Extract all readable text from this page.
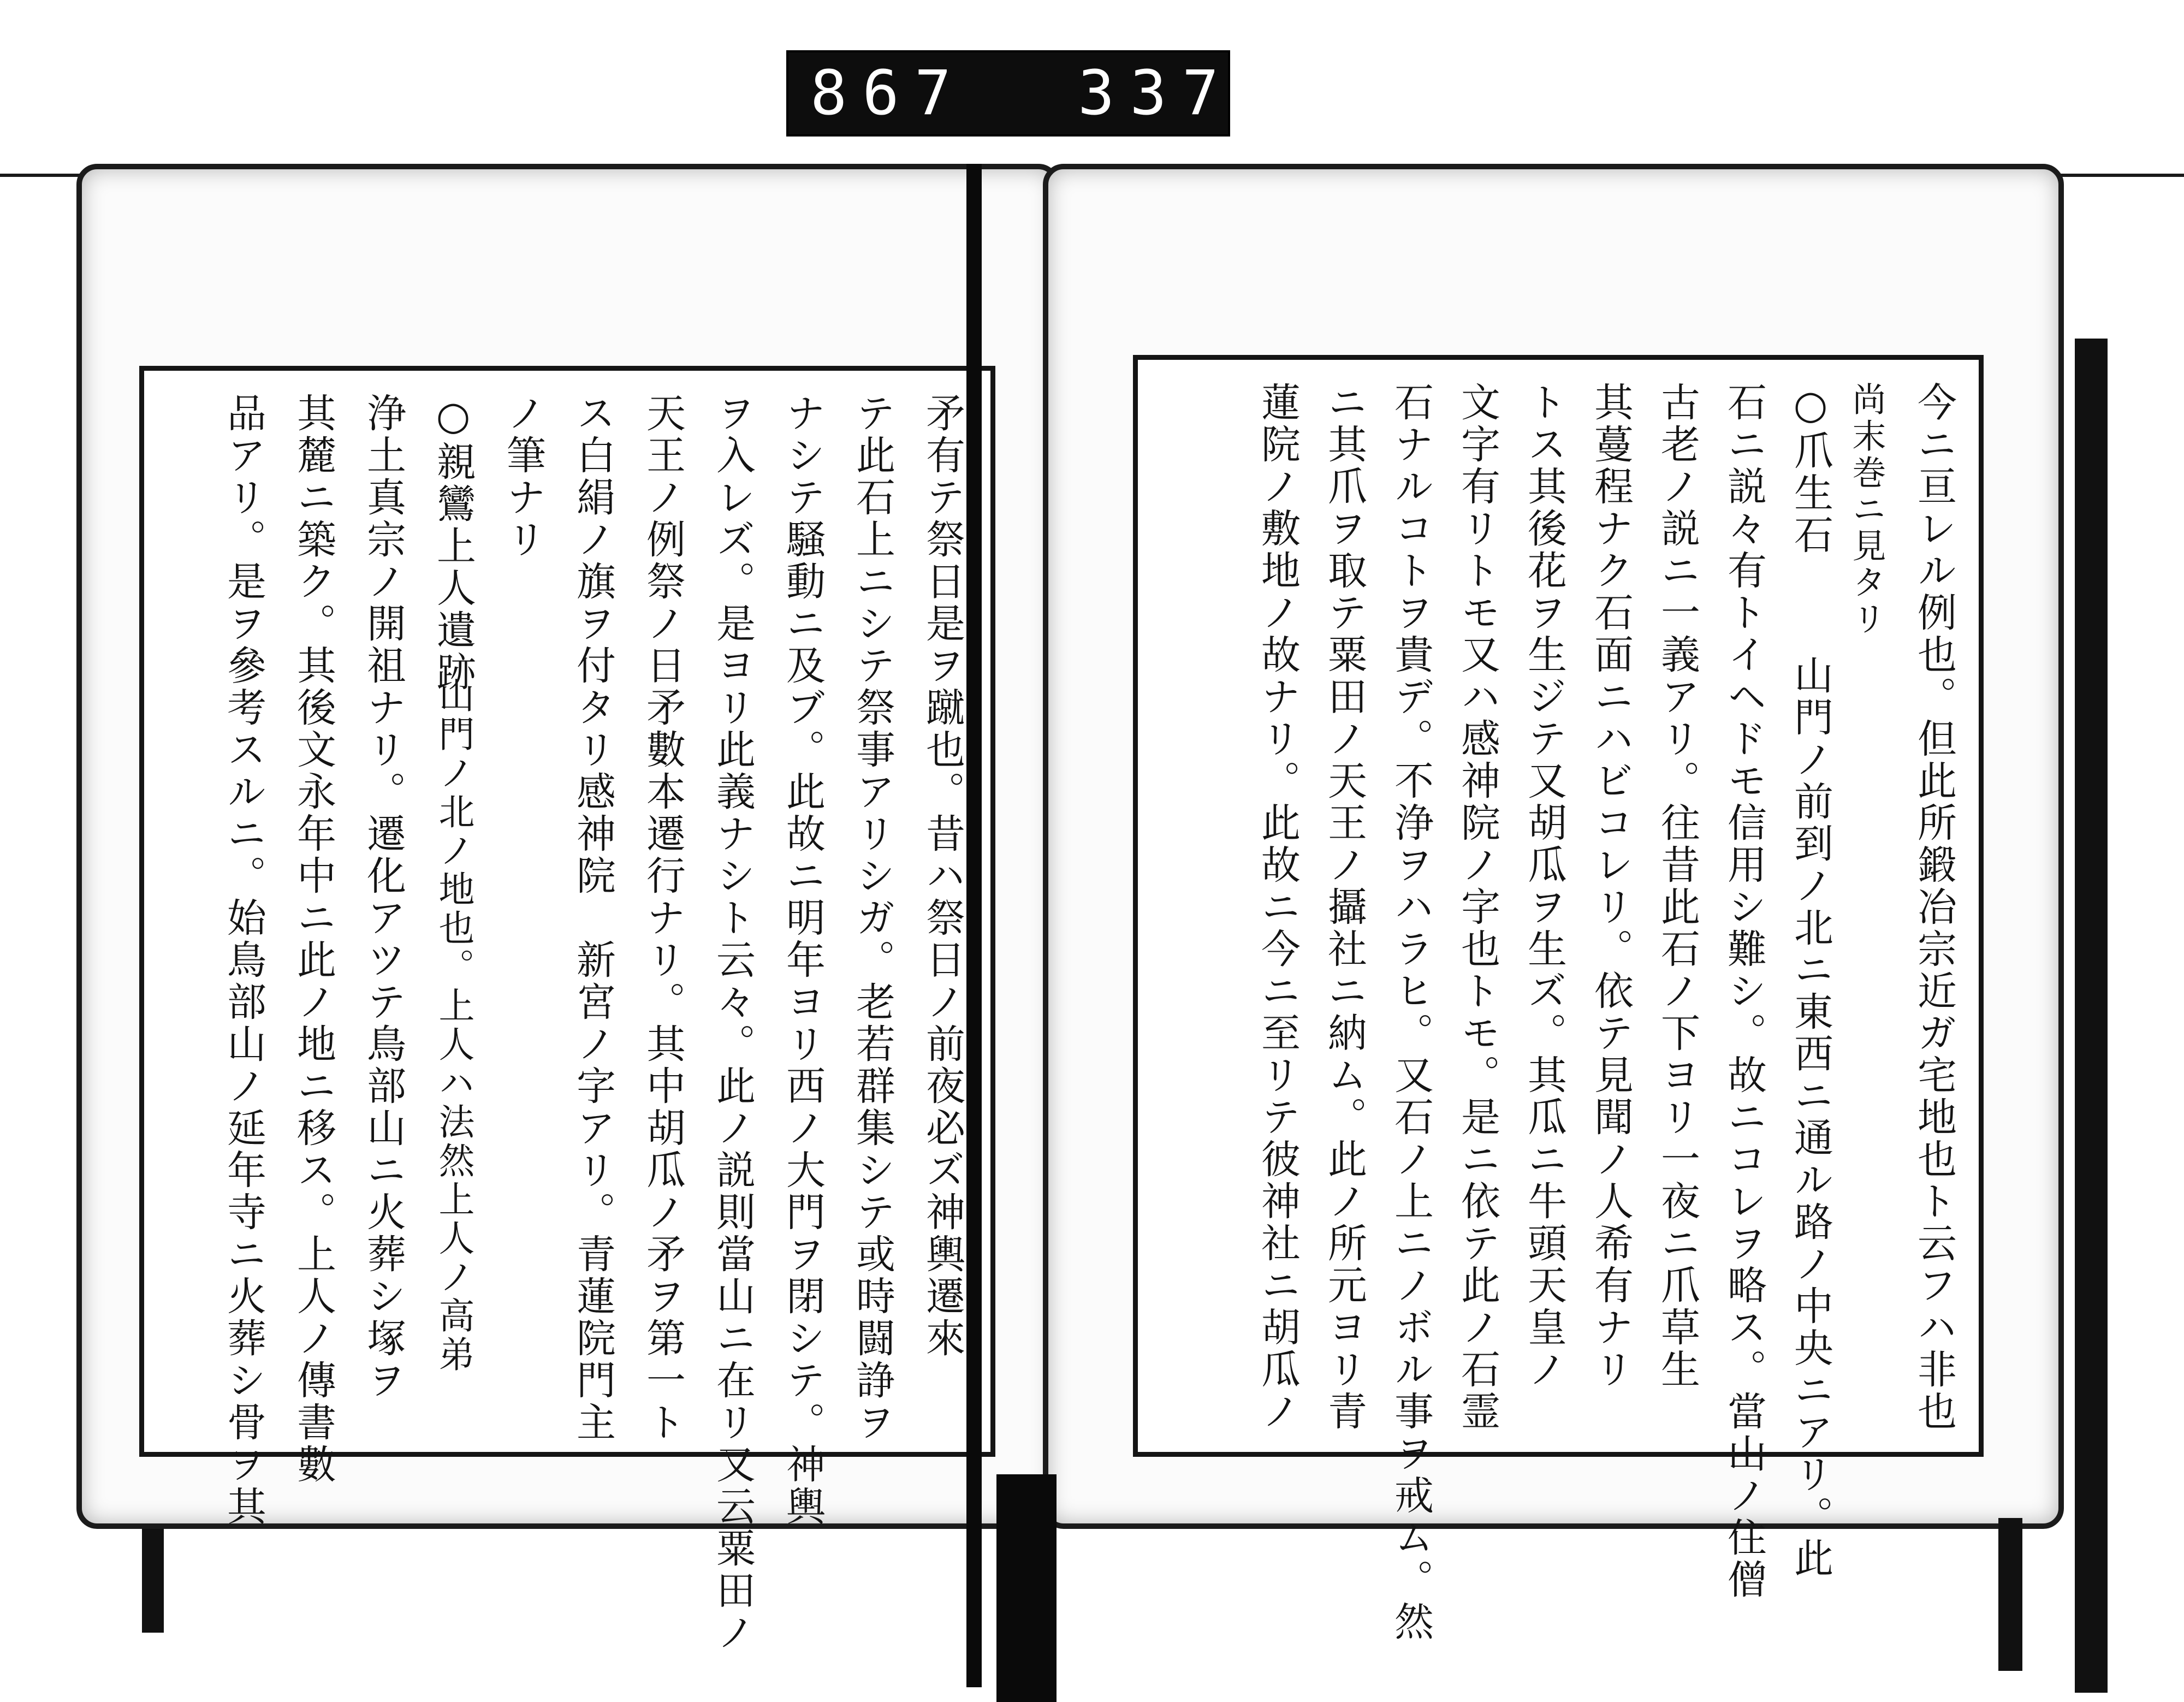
867 337.
矛有テ祭日是ヲ蹴也。昔ハ祭日ノ前夜必ズ神輿遷來
テ此石上ニシテ祭事アリシガ。老若群集シテ或時闘諍ヲ
ナシテ騒動ニ及ブ。此故ニ明年ヨリ西ノ大門ヲ閉シテ。神輿
ヲ入レズ。是ヨリ此義ナシト云々。此ノ説則當山ニ在リ又云粟田ノ
天王ノ例祭ノ日矛數本遷行ナリ。其中胡瓜ノ矛ヲ第一ト
ス白絹ノ旗ヲ付タリ感神院　新宮ノ字アリ。青蓮院門主
ノ筆ナリ
○親鸞上人遺跡
山門ノ北ノ地也。上人ハ法然上人ノ高弟
浄土真宗ノ開祖ナリ。遷化アツテ鳥部山ニ火葬シ塚ヲ
其麓ニ築ク。其後文永年中ニ此ノ地ニ移ス。上人ノ傳書數
品アリ。是ヲ參考スルニ。始鳥部山ノ延年寺ニ火葬シ骨ヲ其	今ニ亘レル例也。但此所鍛冶宗近ガ宅地也ト云フハ非也
尚末巻ニ見タリ
○爪生石
山門ノ前到ノ北ニ東西ニ通ル路ノ中央ニアリ。此
石ニ説々有トイヘドモ信用シ難シ。故ニコレヲ略ス。當山ノ住僧
古老ノ説ニ一義アリ。往昔此石ノ下ヨリ一夜ニ爪草生
其蔓程ナク石面ニハビコレリ。依テ見聞ノ人希有ナリ
トス其後花ヲ生ジテ又胡瓜ヲ生ズ。其瓜ニ牛頭天皇ノ
文字有リトモ又ハ感神院ノ字也トモ。是ニ依テ此ノ石霊
石ナルコトヲ貴デ。不浄ヲハラヒ。又石ノ上ニノボル事ヲ戒ム。然
ニ其爪ヲ取テ粟田ノ天王ノ攝社ニ納ム。此ノ所元ヨリ青
蓮院ノ敷地ノ故ナリ。此故ニ今ニ至リテ彼神社ニ胡瓜ノ
